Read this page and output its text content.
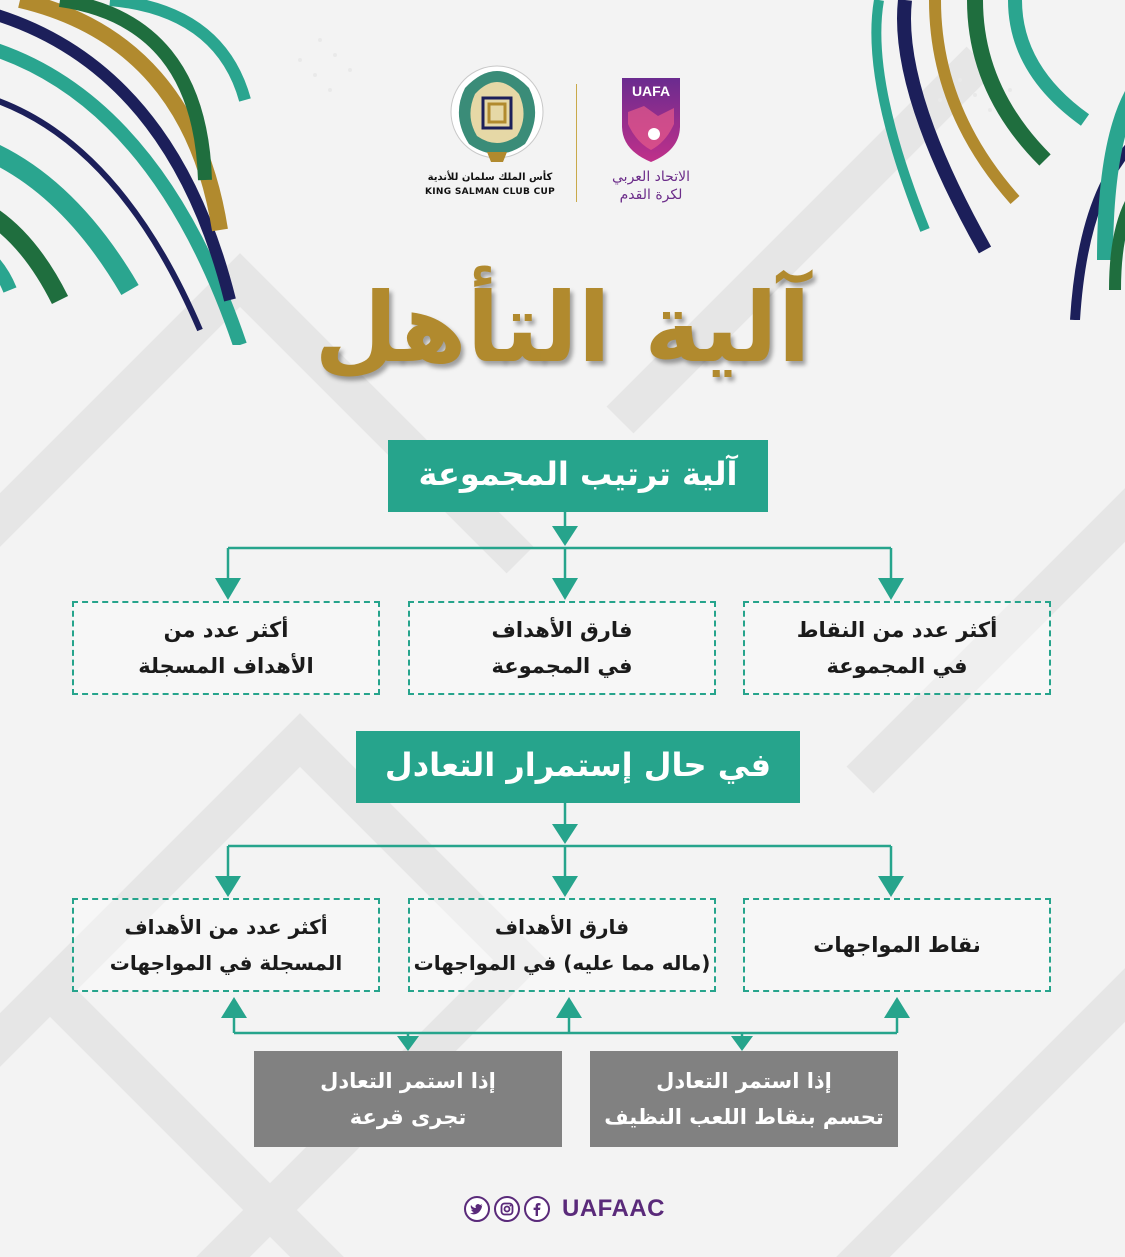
كأس الملك سلمان للأندية
KING SALMAN CLUB CUP
UAFA
الاتحاد العربي
لكرة القدم
آلية التأهل
آلية ترتيب المجموعة
أكثر عدد من النقاط
في المجموعة
فارق الأهداف
في المجموعة
أكثر عدد من
الأهداف المسجلة
في حال إستمرار التعادل
نقاط المواجهات
فارق الأهداف
(ماله مما عليه) في المواجهات
أكثر عدد من الأهداف
المسجلة في المواجهات
إذا استمر التعادل
تحسم بنقاط اللعب النظيف
إذا استمر التعادل
تجرى قرعة
UAFAAC
